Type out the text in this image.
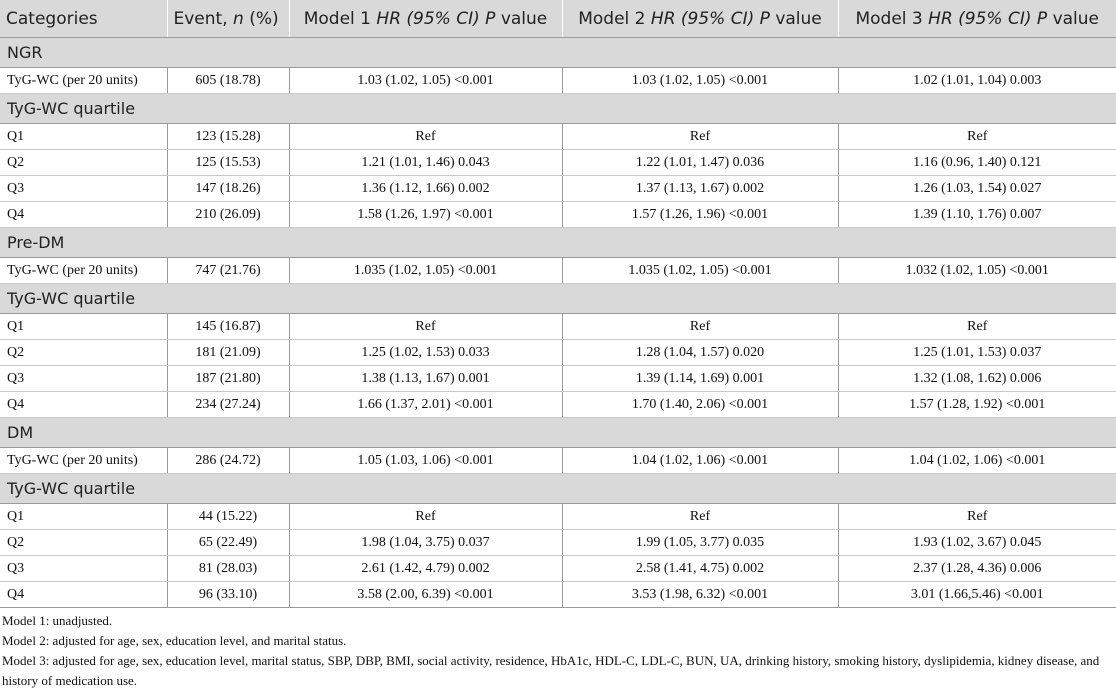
Categories	Event, n (%)	Model 1 HR (95% CI) P value	Model 2 HR (95% CI) P value	Model 3 HR (95% CI) P value
NGR				
TyG-WC (per 20 units)	605 (18.78)	1.03 (1.02, 1.05) <0.001	1.03 (1.02, 1.05) <0.001	1.02 (1.01, 1.04) 0.003
TyG-WC quartile				
Q1	123 (15.28)	Ref	Ref	Ref
Q2	125 (15.53)	1.21 (1.01, 1.46) 0.043	1.22 (1.01, 1.47) 0.036	1.16 (0.96, 1.40) 0.121
Q3	147 (18.26)	1.36 (1.12, 1.66) 0.002	1.37 (1.13, 1.67) 0.002	1.26 (1.03, 1.54) 0.027
Q4	210 (26.09)	1.58 (1.26, 1.97) <0.001	1.57 (1.26, 1.96) <0.001	1.39 (1.10, 1.76) 0.007
Pre-DM				
TyG-WC (per 20 units)	747 (21.76)	1.035 (1.02, 1.05) <0.001	1.035 (1.02, 1.05) <0.001	1.032 (1.02, 1.05) <0.001
TyG-WC quartile				
Q1	145 (16.87)	Ref	Ref	Ref
Q2	181 (21.09)	1.25 (1.02, 1.53) 0.033	1.28 (1.04, 1.57) 0.020	1.25 (1.01, 1.53) 0.037
Q3	187 (21.80)	1.38 (1.13, 1.67) 0.001	1.39 (1.14, 1.69) 0.001	1.32 (1.08, 1.62) 0.006
Q4	234 (27.24)	1.66 (1.37, 2.01) <0.001	1.70 (1.40, 2.06) <0.001	1.57 (1.28, 1.92) <0.001
DM				
TyG-WC (per 20 units)	286 (24.72)	1.05 (1.03, 1.06) <0.001	1.04 (1.02, 1.06) <0.001	1.04 (1.02, 1.06) <0.001
TyG-WC quartile				
Q1	44 (15.22)	Ref	Ref	Ref
Q2	65 (22.49)	1.98 (1.04, 3.75) 0.037	1.99 (1.05, 3.77) 0.035	1.93 (1.02, 3.67) 0.045
Q3	81 (28.03)	2.61 (1.42, 4.79) 0.002	2.58 (1.41, 4.75) 0.002	2.37 (1.28, 4.36) 0.006
Q4	96 (33.10)	3.58 (2.00, 6.39) <0.001	3.53 (1.98, 6.32) <0.001	3.01 (1.66,5.46) <0.001

Model 1: unadjusted.

Model 2: adjusted for age, sex, education level, and marital status.

Model 3: adjusted for age, sex, education level, marital status, SBP, DBP, BMI, social activity, residence, HbA1c, HDL-C, LDL-C, BUN, UA, drinking history, smoking history, dyslipidemia, kidney disease, and history of medication use.
